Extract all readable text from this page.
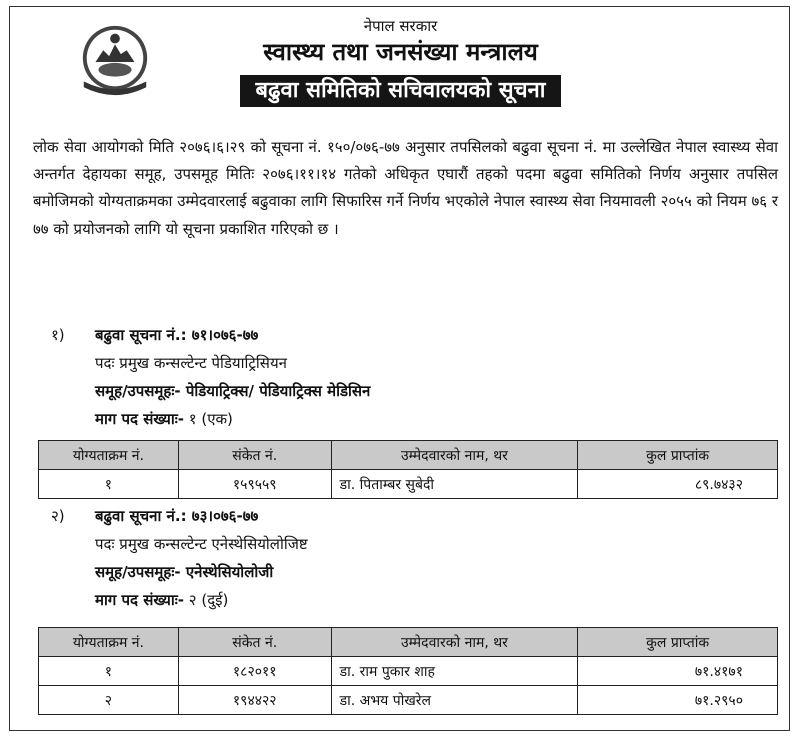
नेपाल सरकार
स्वास्थ्य तथा जनसंख्या मन्त्रालय
बढुवा समितिको सचिवालयको सूचना
लोक सेवा आयोगको मिति २०७६।६।२९ को सूचना नं. १५०/०७६-७७ अनुसार तपसिलको बढुवा सूचना नं. मा उल्लेखित नेपाल स्वास्थ्य सेवा अन्तर्गत देहायका समूह, उपसमूह मितिः २०७६।११।१४ गतेको अधिकृत एघारौं तहको पदमा बढुवा समितिको निर्णय अनुसार तपसिल बमोजिमको योग्यताक्रमका उम्मेदवारलाई बढुवाका लागि सिफारिस गर्ने निर्णय भएकोले नेपाल स्वास्थ्य सेवा नियमावली २०५५ को नियम ७६ र ७७ को प्रयोजनको लागि यो सूचना प्रकाशित गरिएको छ ।
१) बढुवा सूचना नं.: ७१।०७६-७७
पदः प्रमुख कन्सल्टेन्ट पेडियाट्रिसियन
समूह/उपसमूहः- पेडियाट्रिक्स/ पेडियाट्रिक्स मेडिसिन
माग पद संख्याः- १ (एक)
योग्यताक्रम नं.	संकेत नं.	उम्मेदवारको नाम, थर	कुल प्राप्तांक
१	१५९५५९	डा. पिताम्बर सुबेदी	८९.७४३२
२) बढुवा सूचना नं.: ७३।०७६-७७
पदः प्रमुख कन्सल्टेन्ट एनेस्थेसियोलोजिष्ट
समूह/उपसमूहः- एनेस्थेसियोलोजी
माग पद संख्याः- २ (दुई)
योग्यताक्रम नं.	संकेत नं.	उम्मेदवारको नाम, थर	कुल प्राप्तांक
१	१८२०११	डा. राम पुकार शाह	७१.४१७१
२	१९४४२२	डा. अभय पोखरेल	७१.२९५०
